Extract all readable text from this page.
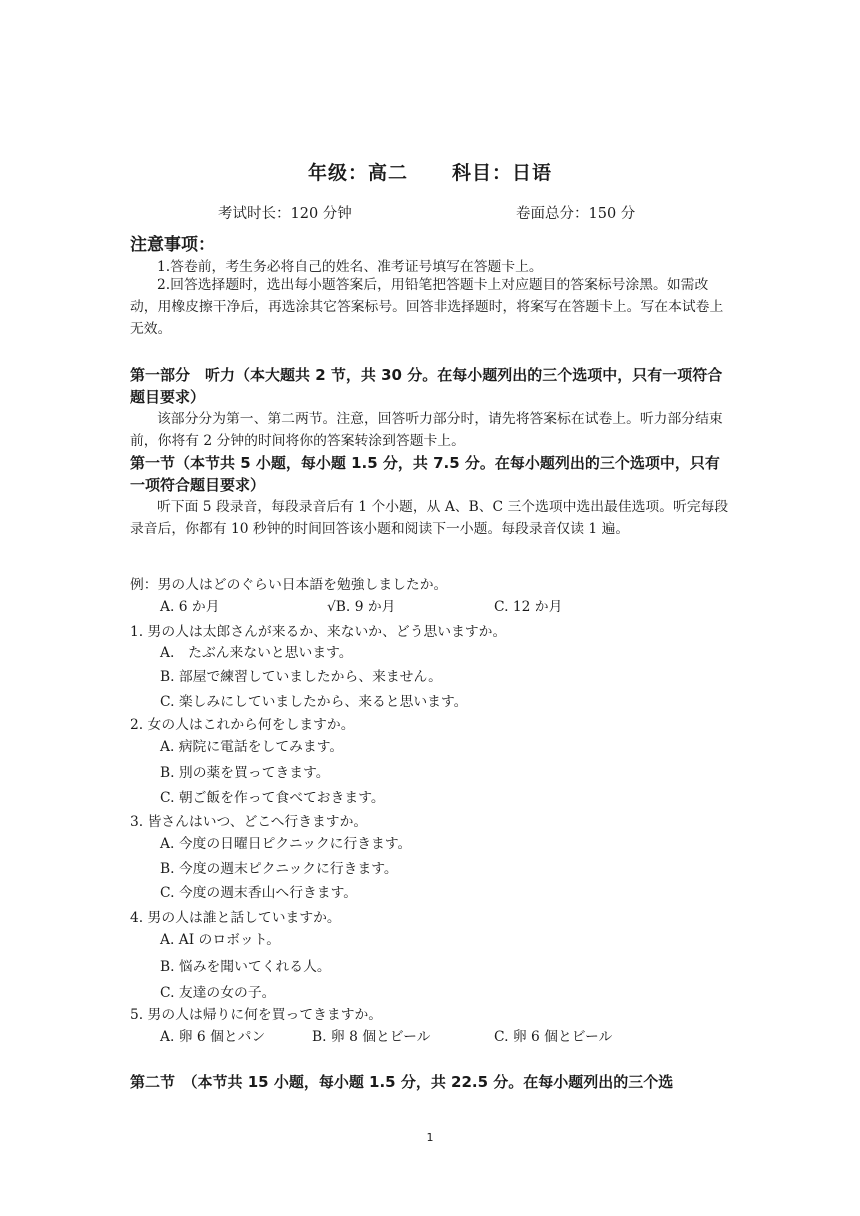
年级：高二 科目：日语
考试时长：120 分钟	卷面总分：150 分
注意事项：
1.答卷前，考生务必将自己的姓名、准考证号填写在答题卡上。
2.回答选择题时，选出每小题答案后，用铅笔把答题卡上对应题目的答案标号涂黑。如需改动，用橡皮擦干净后，再选涂其它答案标号。回答非选择题时，将案写在答题卡上。写在本试卷上无效。
第一部分　听力（本大题共 2 节，共 30 分。在每小题列出的三个选项中，只有一项符合题目要求）
该部分分为第一、第二两节。注意，回答听力部分时，请先将答案标在试卷上。听力部分结束前，你将有 2 分钟的时间将你的答案转涂到答题卡上。
第一节（本节共 5 小题，每小题 1.5 分，共 7.5 分。在每小题列出的三个选项中，只有一项符合题目要求）
听下面 5 段录音，每段录音后有 1 个小题，从 A、B、C 三个选项中选出最佳选项。听完每段录音后，你都有 10 秒钟的时间回答该小题和阅读下一小题。每段录音仅读 1 遍。
例：男の人はどのぐらい日本語を勉強しましたか。
A. 6 か月	√B. 9 か月	C. 12 か月
1. 男の人は太郎さんが来るか、来ないか、どう思いますか。
A.　たぶん来ないと思います。
B. 部屋で練習していましたから、来ません。
C. 楽しみにしていましたから、来ると思います。
2. 女の人はこれから何をしますか。
A. 病院に電話をしてみます。
B. 別の薬を買ってきます。
C. 朝ご飯を作って食べておきます。
3. 皆さんはいつ、どこへ行きますか。
A. 今度の日曜日ピクニックに行きます。
B. 今度の週末ピクニックに行きます。
C. 今度の週末香山へ行きます。
4. 男の人は誰と話していますか。
A. AI のロボット。
B. 悩みを聞いてくれる人。
C. 友達の女の子。
5. 男の人は帰りに何を買ってきますか。
A. 卵 6 個とパン	B. 卵 8 個とビール	C. 卵 6 個とビール
第二节　（本节共 15 小题，每小题 1.5 分，共 22.5 分。在每小题列出的三个选
1
